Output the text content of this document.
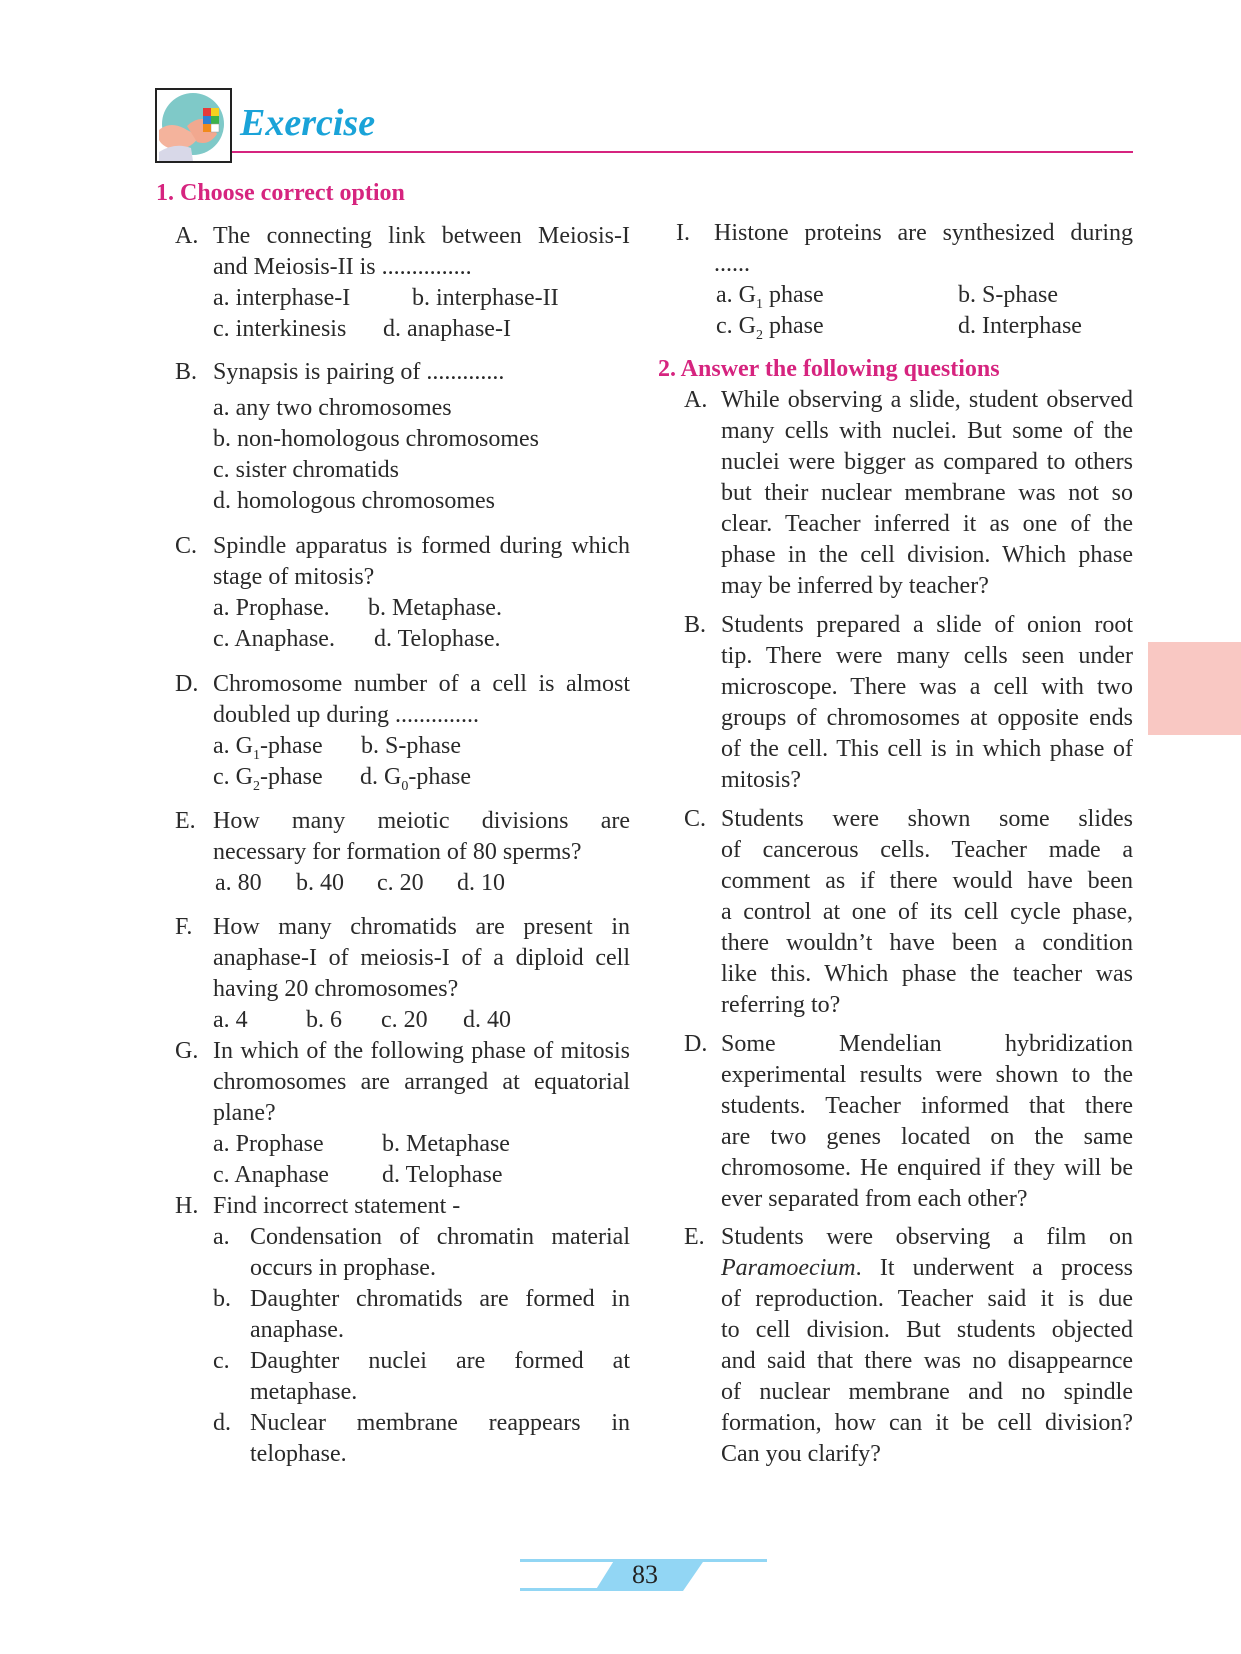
Exercise
1. Choose correct option
A. The connecting link between Meiosis-I
and Meiosis-II is ...............
a. interphase-I	b. interphase-II
c. interkinesis d. anaphase-I
B. Synapsis is pairing of .............
a. any two chromosomes
b. non-homologous chromosomes
c. sister chromatids
d. homologous chromosomes
C. Spindle apparatus is formed during which
stage of mitosis?
a. Prophase. b. Metaphase.
c. Anaphase. d. Telophase.
D. Chromosome number of a cell is almost
doubled up during ..............
a. $G_1$-phase b. S-phase
c. $G_2$-phase d. $G_0$-phase
E. How many meiotic divisions are
necessary for formation of 80 sperms?
a. 80 b. 40 c. 20 d. 10
F. How many chromatids are present in
anaphase-I of meiosis-I of a diploid cell
having 20 chromosomes?
a. 4 b. 6 c. 20 d. 40
G. In which of the following phase of mitosis
chromosomes are arranged at equatorial
plane?
a. Prophase b. Metaphase
c. Anaphase d. Telophase
H. Find incorrect statement -
a. Condensation of chromatin material
occurs in prophase.
b. Daughter chromatids are formed in
anaphase.
c. Daughter nuclei are formed at
metaphase.
d. Nuclear membrane reappears in
telophase.
I. Histone proteins are synthesized during
......
a. $G_1$ phase	b. S-phase
c. $G_2$ phase	d. Interphase
2. Answer the following questions
A. While observing a slide, student observed
many cells with nuclei. But some of the
nuclei were bigger as compared to others
but their nuclear membrane was not so
clear. Teacher inferred it as one of the
phase in the cell division. Which phase
may be inferred by teacher?
B. Students prepared a slide of onion root
tip. There were many cells seen under
microscope. There was a cell with two
groups of chromosomes at opposite ends
of the cell. This cell is in which phase of
mitosis?
C. Students were shown some slides
of cancerous cells. Teacher made a
comment as if there would have been
a control at one of its cell cycle phase,
there wouldn’t have been a condition
like this. Which phase the teacher was
referring to?
D. Some Mendelian hybridization
experimental results were shown to the
students. Teacher informed that there
are two genes located on the same
chromosome. He enquired if they will be
ever separated from each other?
E. Students were observing a film on
Paramoecium. It underwent a process
of reproduction. Teacher said it is due
to cell division. But students objected
and said that there was no disappearnce
of nuclear membrane and no spindle
formation, how can it be cell division?
Can you clarify?
83
